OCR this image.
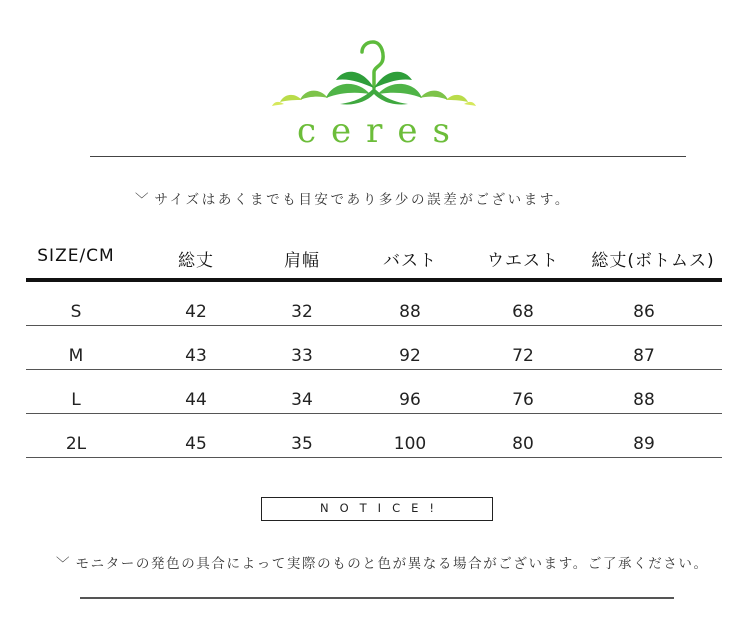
ceres
﹀ サイズはあくまでも目安であり多少の誤差がございます。
SIZE/CM	総丈	肩幅	バスト	ウエスト	総丈(ボトムス)
S	42	32	88	68	86
M	43	33	92	72	87
L	44	34	96	76	88
2L	45	35	100	80	89
NOTICE!
﹀ モニターの発色の具合によって実際のものと色が異なる場合がございます。ご了承ください。
